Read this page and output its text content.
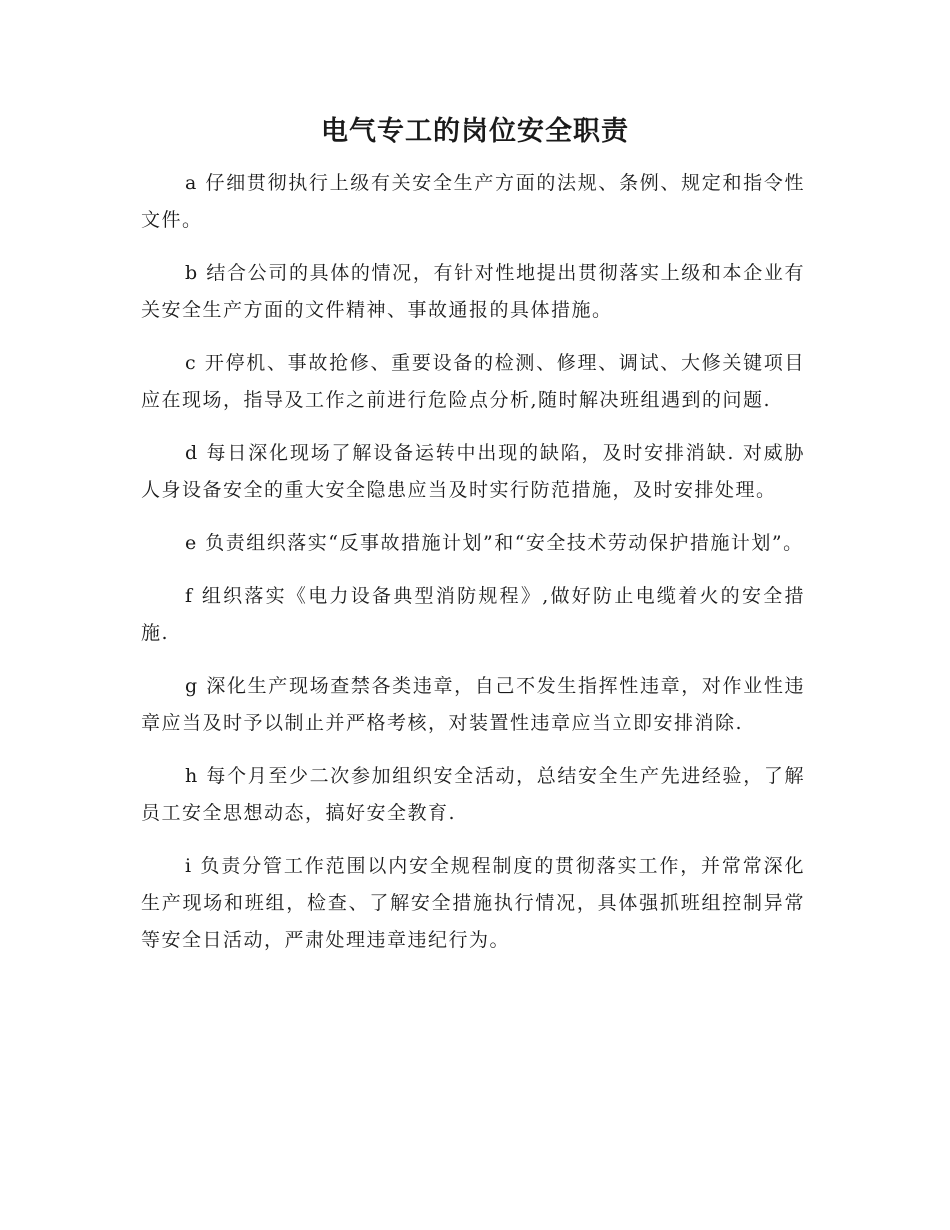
电气专工的岗位安全职责

a 仔细贯彻执行上级有关安全生产方面的法规、条例、规定和指令性文件。

b 结合公司的具体的情况，有针对性地提出贯彻落实上级和本企业有关安全生产方面的文件精神、事故通报的具体措施。

c 开停机、事故抢修、重要设备的检测、修理、调试、大修关键项目应在现场，指导及工作之前进行危险点分析,随时解决班组遇到的问题.

d 每日深化现场了解设备运转中出现的缺陷，及时安排消缺. 对威胁人身设备安全的重大安全隐患应当及时实行防范措施，及时安排处理。

e 负责组织落实“反事故措施计划”和“安全技术劳动保护措施计划”。

f 组织落实《电力设备典型消防规程》,做好防止电缆着火的安全措施.

g 深化生产现场查禁各类违章，自己不发生指挥性违章，对作业性违章应当及时予以制止并严格考核，对装置性违章应当立即安排消除.

h 每个月至少二次参加组织安全活动，总结安全生产先进经验，了解员工安全思想动态，搞好安全教育.

i 负责分管工作范围以内安全规程制度的贯彻落实工作，并常常深化生产现场和班组，检查、了解安全措施执行情况，具体强抓班组控制异常等安全日活动，严肃处理违章违纪行为。
